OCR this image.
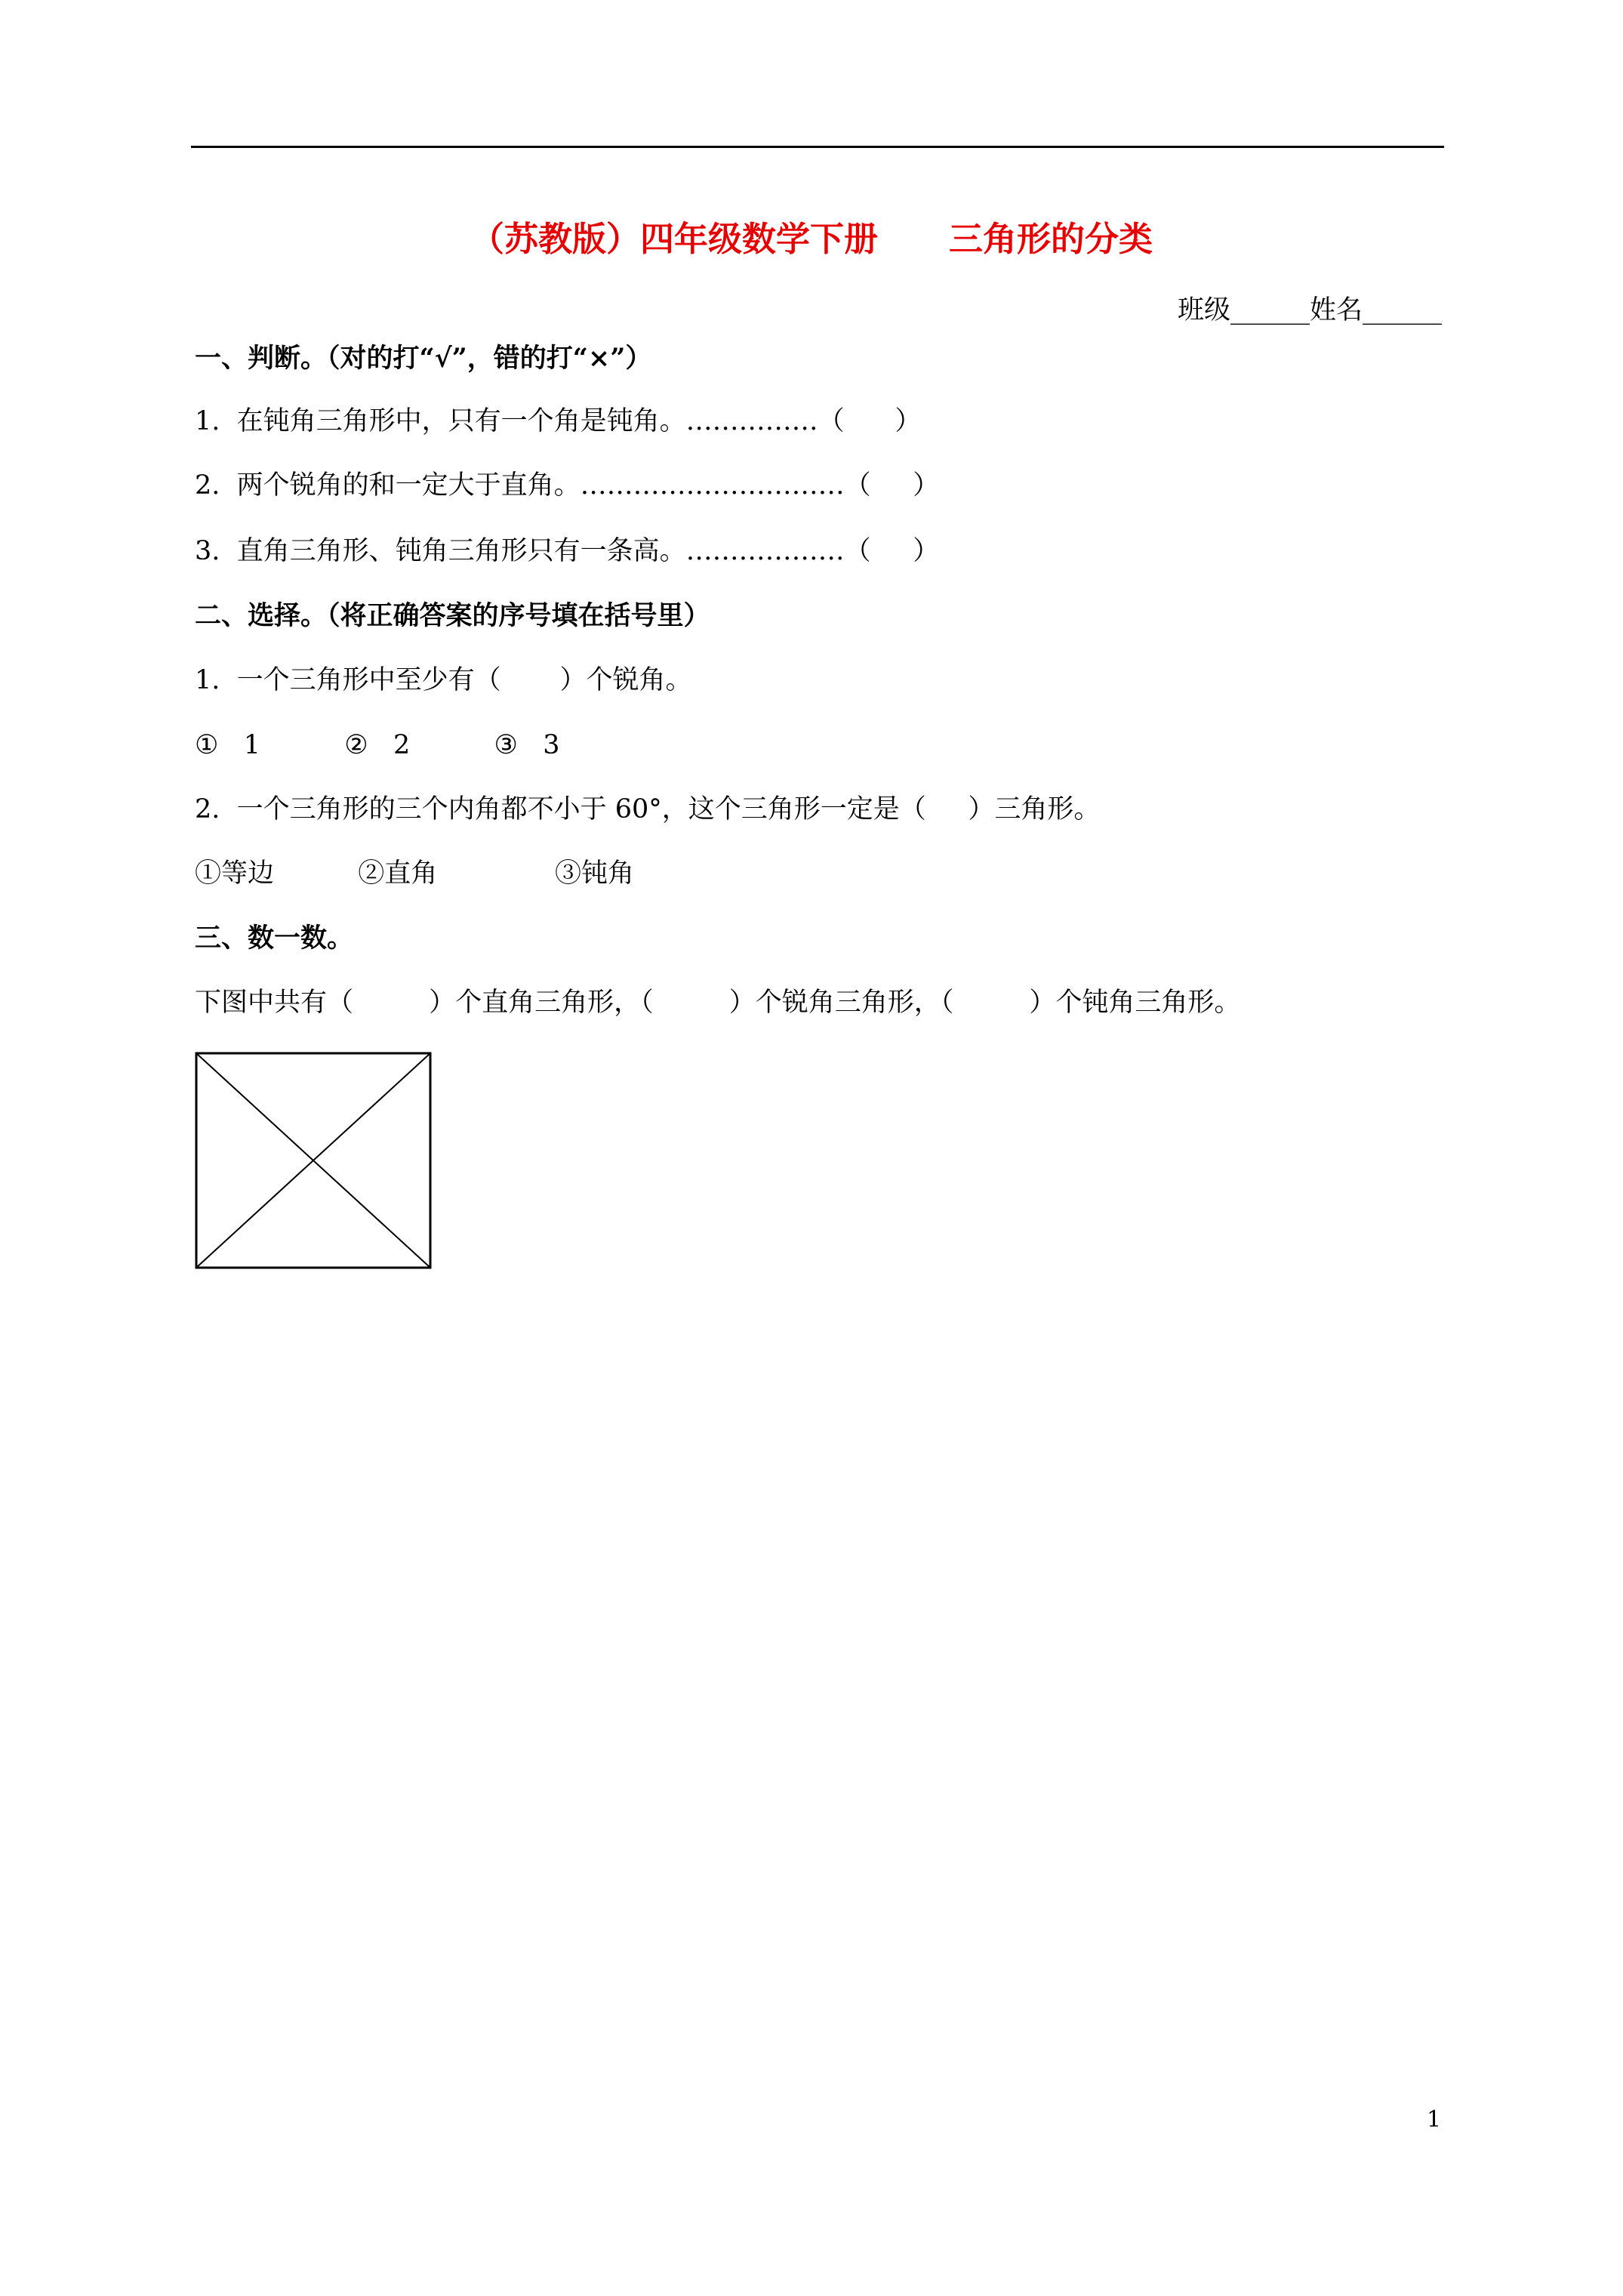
（苏教版）四年级数学下册      三角形的分类
班级______姓名______
一、判断。（对的打“√”，错的打“×”）
1.  在钝角三角形中，只有一个角是钝角。……………（      ）
2.  两个锐角的和一定大于直角。…………………………（     ）
3.  直角三角形、钝角三角形只有一条高。………………（     ）
二、选择。（将正确答案的序号填在括号里）
1.  一个三角形中至少有（       ）个锐角。
①   1          ②   2          ③   3
2.  一个三角形的三个内角都不小于 60°，这个三角形一定是（     ）三角形。
①等边          ②直角              ③钝角
三、数一数。
下图中共有（         ）个直角三角形，（         ）个锐角三角形，（         ）个钝角三角形。
1
